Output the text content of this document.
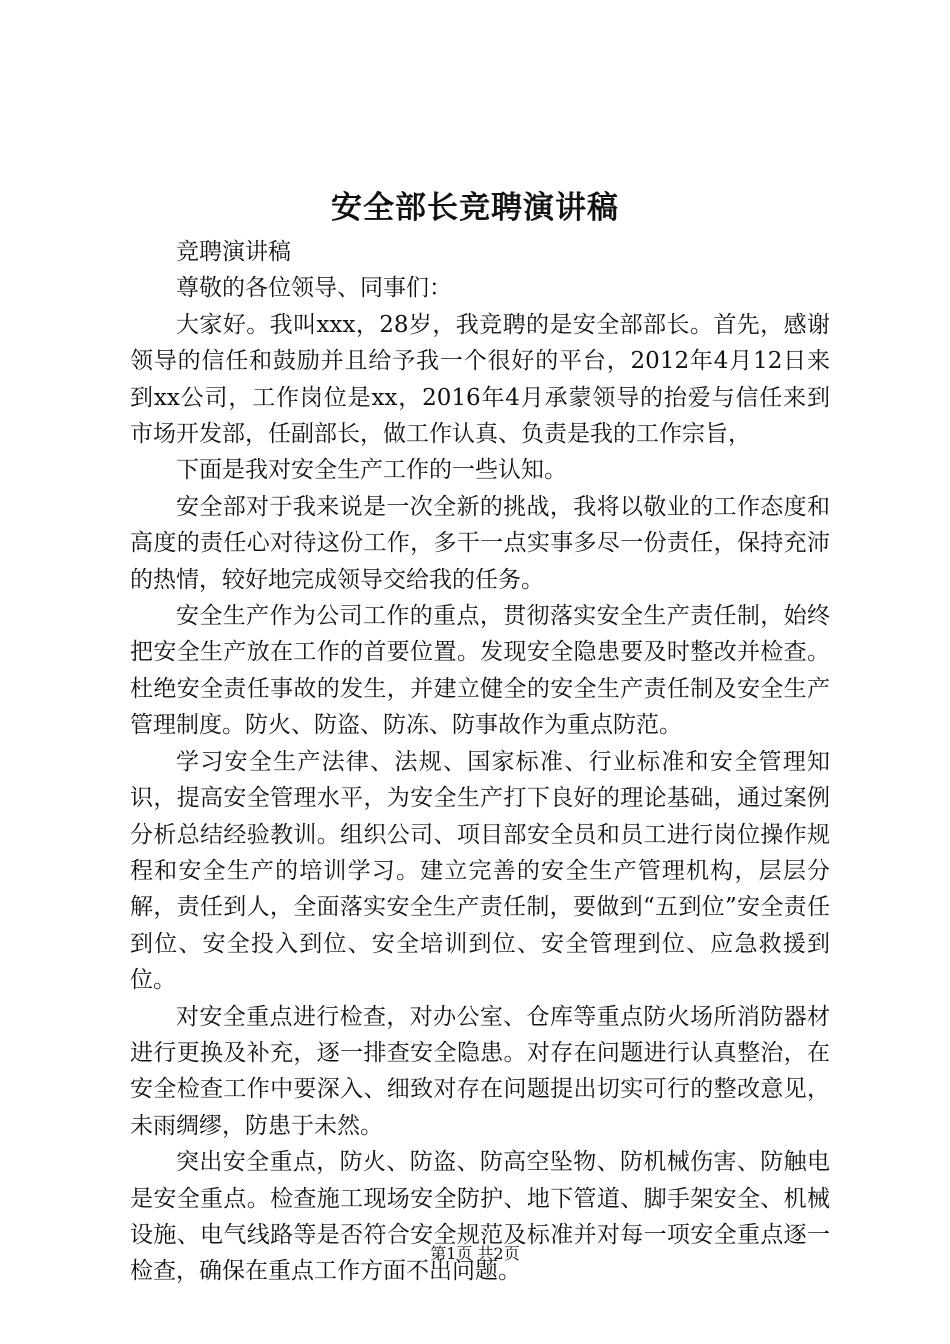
安全部长竞聘演讲稿

竞聘演讲稿

尊敬的各位领导、同事们：

大家好。我叫xxx，28岁，我竞聘的是安全部部长。首先，感谢领导的信任和鼓励并且给予我一个很好的平台，2012年4月12日来到xx公司，工作岗位是xx，2016年4月承蒙领导的抬爱与信任来到市场开发部，任副部长，做工作认真、负责是我的工作宗旨，

下面是我对安全生产工作的一些认知。

安全部对于我来说是一次全新的挑战，我将以敬业的工作态度和高度的责任心对待这份工作，多干一点实事多尽一份责任，保持充沛的热情，较好地完成领导交给我的任务。

安全生产作为公司工作的重点，贯彻落实安全生产责任制，始终把安全生产放在工作的首要位置。发现安全隐患要及时整改并检查。杜绝安全责任事故的发生，并建立健全的安全生产责任制及安全生产管理制度。防火、防盗、防冻、防事故作为重点防范。

学习安全生产法律、法规、国家标准、行业标准和安全管理知识，提高安全管理水平，为安全生产打下良好的理论基础，通过案例分析总结经验教训。组织公司、项目部安全员和员工进行岗位操作规程和安全生产的培训学习。建立完善的安全生产管理机构，层层分解，责任到人，全面落实安全生产责任制，要做到“五到位”安全责任到位、安全投入到位、安全培训到位、安全管理到位、应急救援到位。

对安全重点进行检查，对办公室、仓库等重点防火场所消防器材进行更换及补充，逐一排查安全隐患。对存在问题进行认真整治，在安全检查工作中要深入、细致对存在问题提出切实可行的整改意见，未雨绸缪，防患于未然。

突出安全重点，防火、防盗、防高空坠物、防机械伤害、防触电是安全重点。检查施工现场安全防护、地下管道、脚手架安全、机械设施、电气线路等是否符合安全规范及标准并对每一项安全重点逐一检查，确保在重点工作方面不出问题。

第1页 共2页
